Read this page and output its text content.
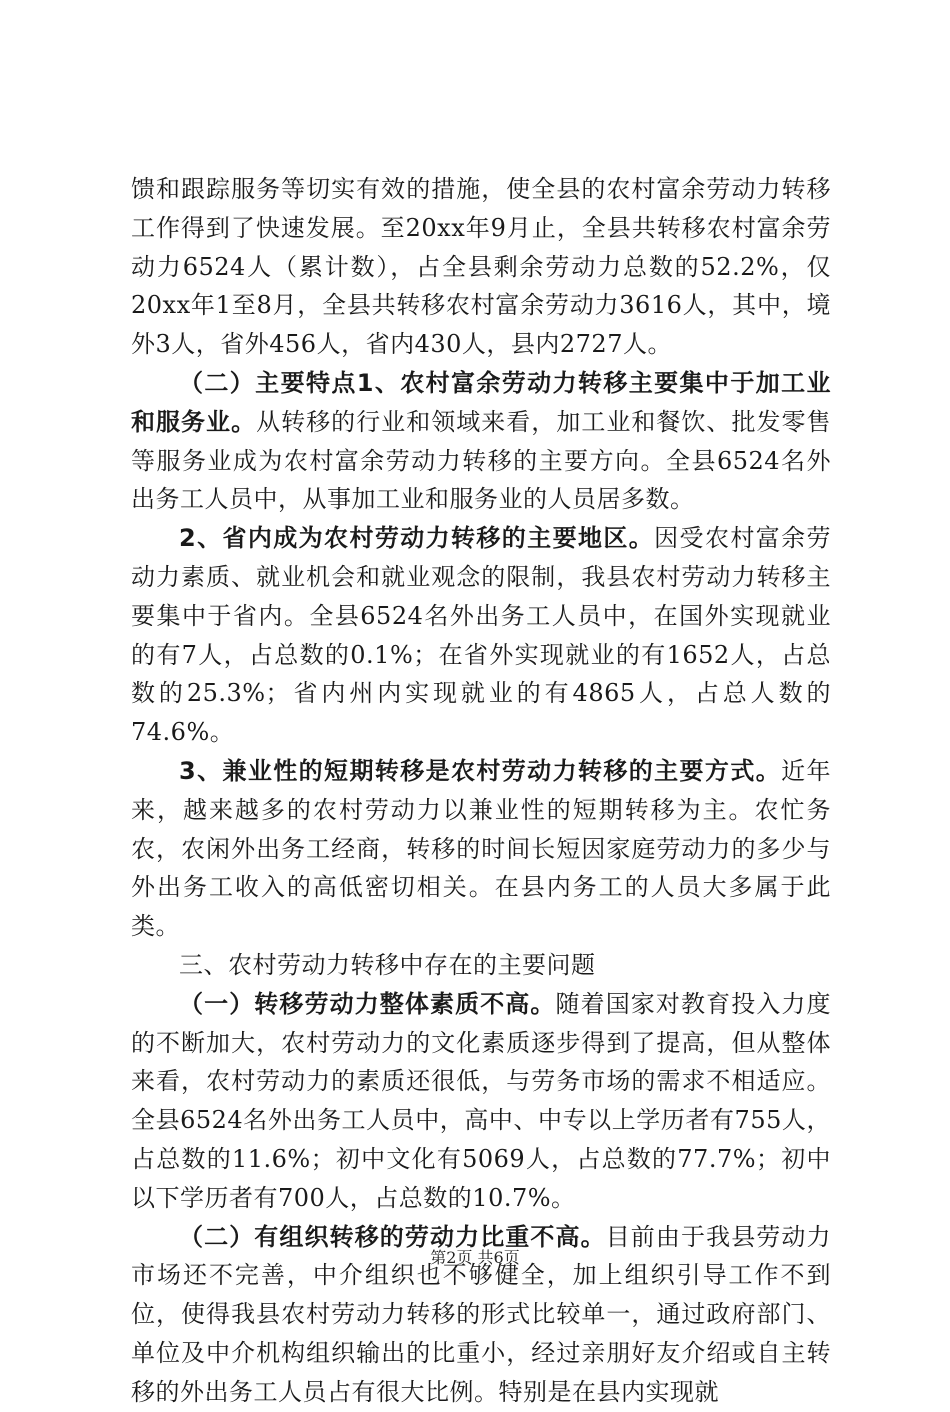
馈和跟踪服务等切实有效的措施，使全县的农村富余劳动力转移工作得到了快速发展。至20xx年9月止，全县共转移农村富余劳动力6524人（累计数），占全县剩余劳动力总数的52.2%，仅20xx年1至8月，全县共转移农村富余劳动力3616人，其中，境外3人，省外456人，省内430人，县内2727人。

（二）主要特点1、农村富余劳动力转移主要集中于加工业和服务业。从转移的行业和领域来看，加工业和餐饮、批发零售等服务业成为农村富余劳动力转移的主要方向。全县6524名外出务工人员中，从事加工业和服务业的人员居多数。

2、省内成为农村劳动力转移的主要地区。因受农村富余劳动力素质、就业机会和就业观念的限制，我县农村劳动力转移主要集中于省内。全县6524名外出务工人员中，在国外实现就业的有7人，占总数的0.1%；在省外实现就业的有1652人，占总数的25.3%；省内州内实现就业的有4865人，占总人数的74.6%。

3、兼业性的短期转移是农村劳动力转移的主要方式。近年来，越来越多的农村劳动力以兼业性的短期转移为主。农忙务农，农闲外出务工经商，转移的时间长短因家庭劳动力的多少与外出务工收入的高低密切相关。在县内务工的人员大多属于此类。

三、农村劳动力转移中存在的主要问题

（一）转移劳动力整体素质不高。随着国家对教育投入力度的不断加大，农村劳动力的文化素质逐步得到了提高，但从整体来看，农村劳动力的素质还很低，与劳务市场的需求不相适应。全县6524名外出务工人员中，高中、中专以上学历者有755人，占总数的11.6%；初中文化有5069人，占总数的77.7%；初中以下学历者有700人，占总数的10.7%。

（二）有组织转移的劳动力比重不高。目前由于我县劳动力市场还不完善，中介组织也不够健全，加上组织引导工作不到位，使得我县农村劳动力转移的形式比较单一，通过政府部门、单位及中介机构组织输出的比重小，经过亲朋好友介绍或自主转移的外出务工人员占有很大比例。特别是在县内实现就

第2页 共6页
